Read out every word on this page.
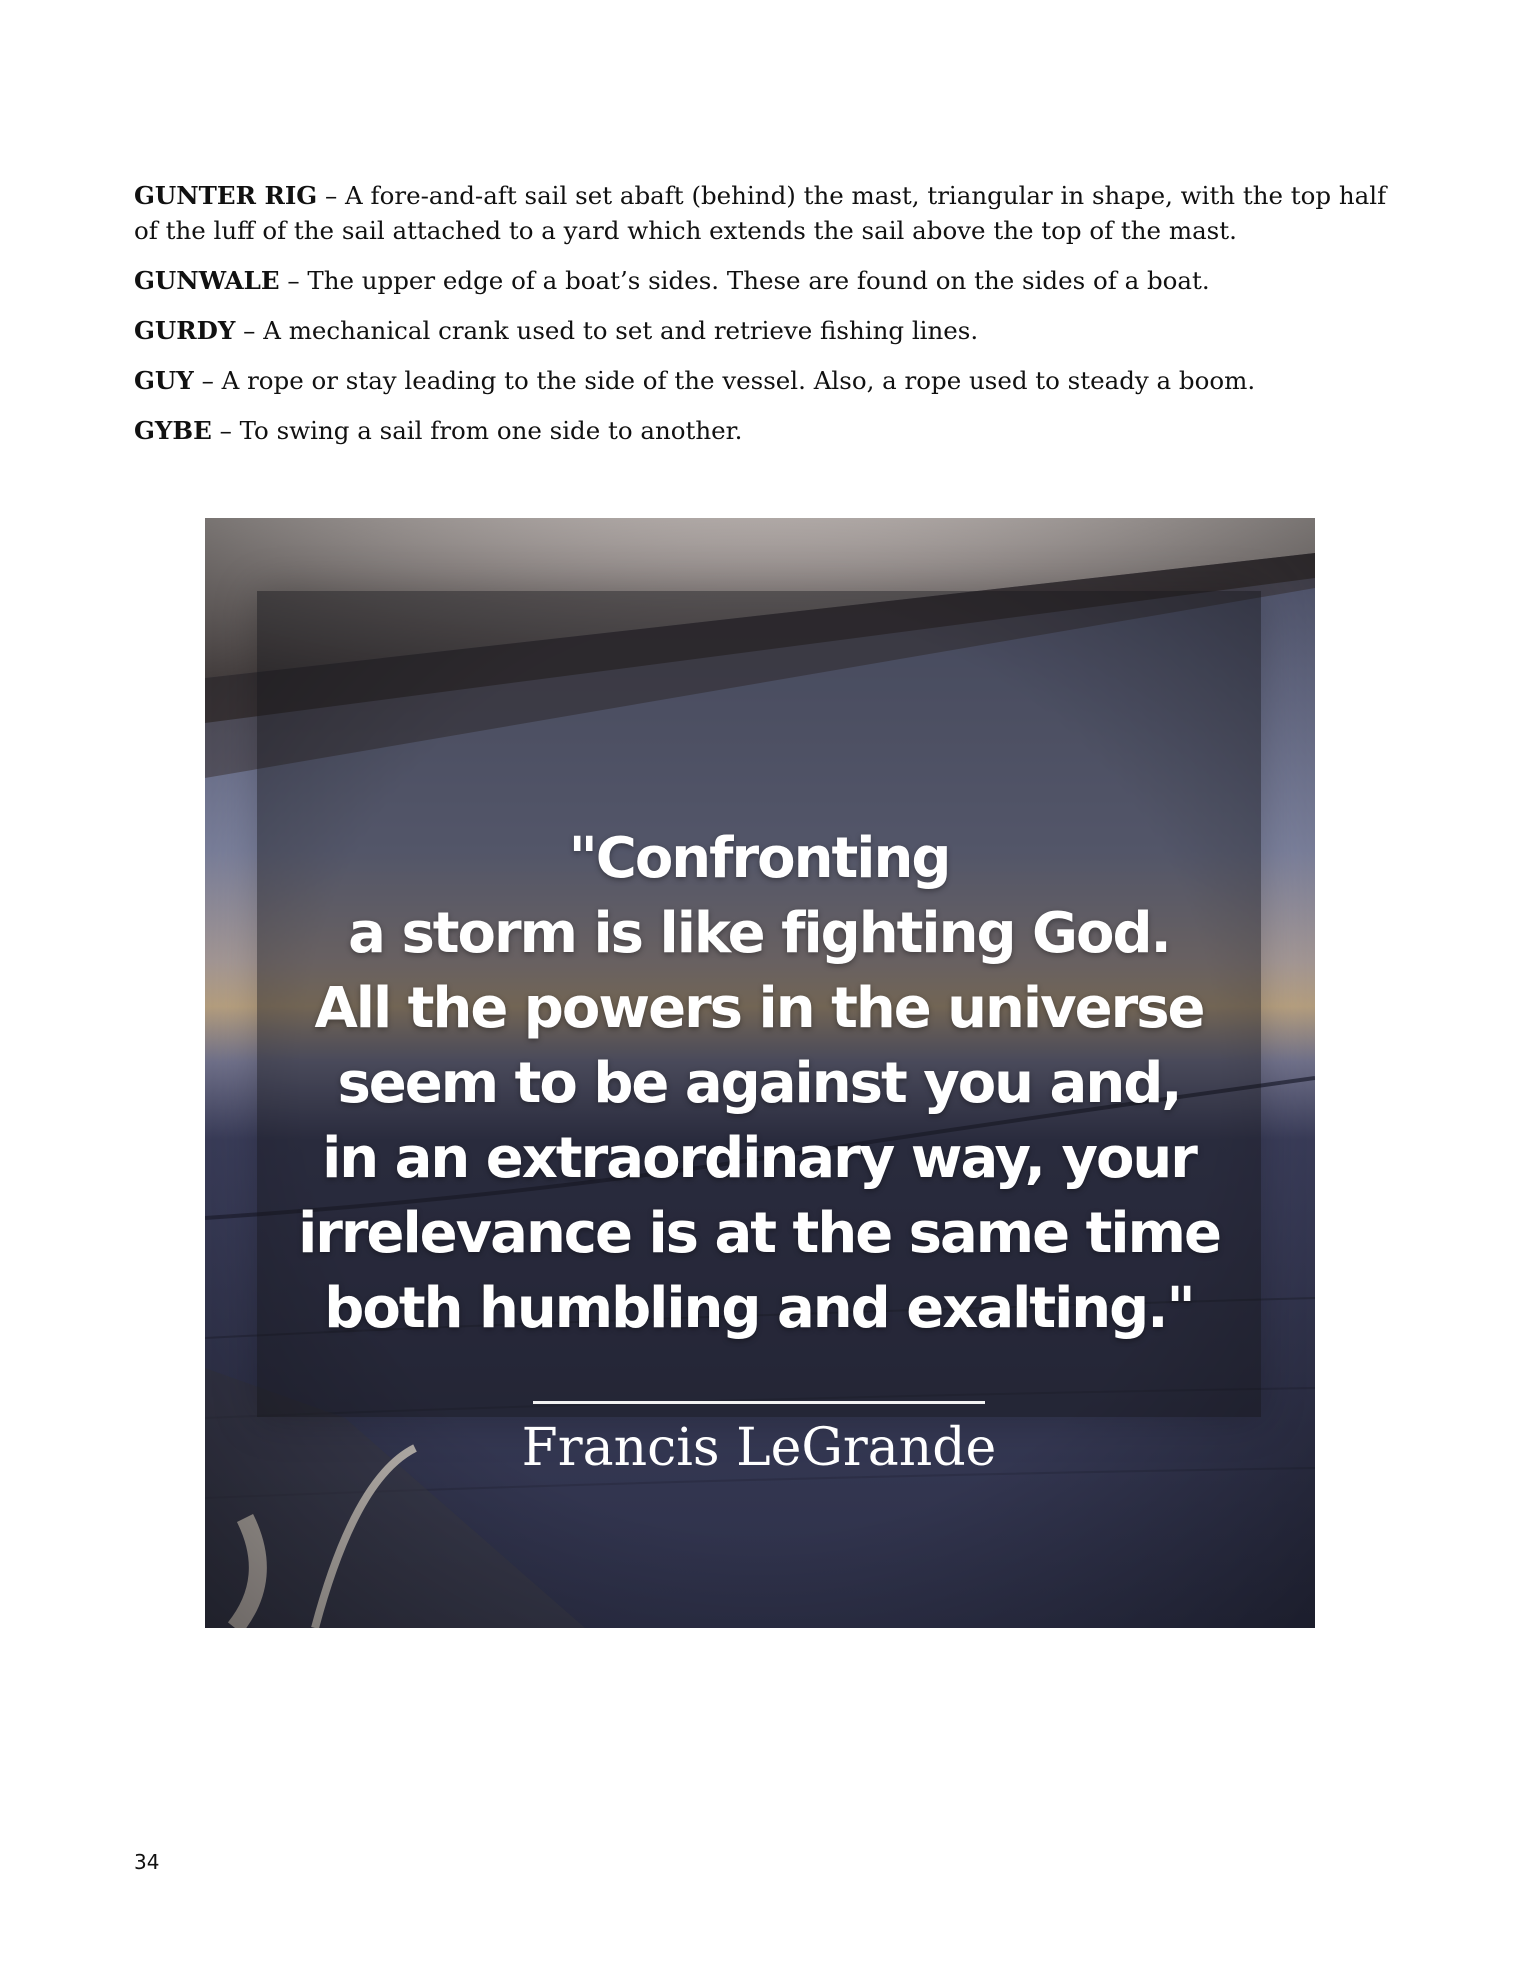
GUNTER RIG – A fore-and-aft sail set abaft (behind) the mast, triangular in shape, with the top half of the luff of the sail attached to a yard which extends the sail above the top of the mast.

GUNWALE – The upper edge of a boat’s sides. These are found on the sides of a boat.

GURDY – A mechanical crank used to set and retrieve fishing lines.

GUY – A rope or stay leading to the side of the vessel. Also, a rope used to steady a boom.

GYBE – To swing a sail from one side to another.

"Confronting
a storm is like fighting God.
All the powers in the universe
seem to be against you and,
in an extraordinary way, your
irrelevance is at the same time
both humbling and exalting."

Francis LeGrande

34
